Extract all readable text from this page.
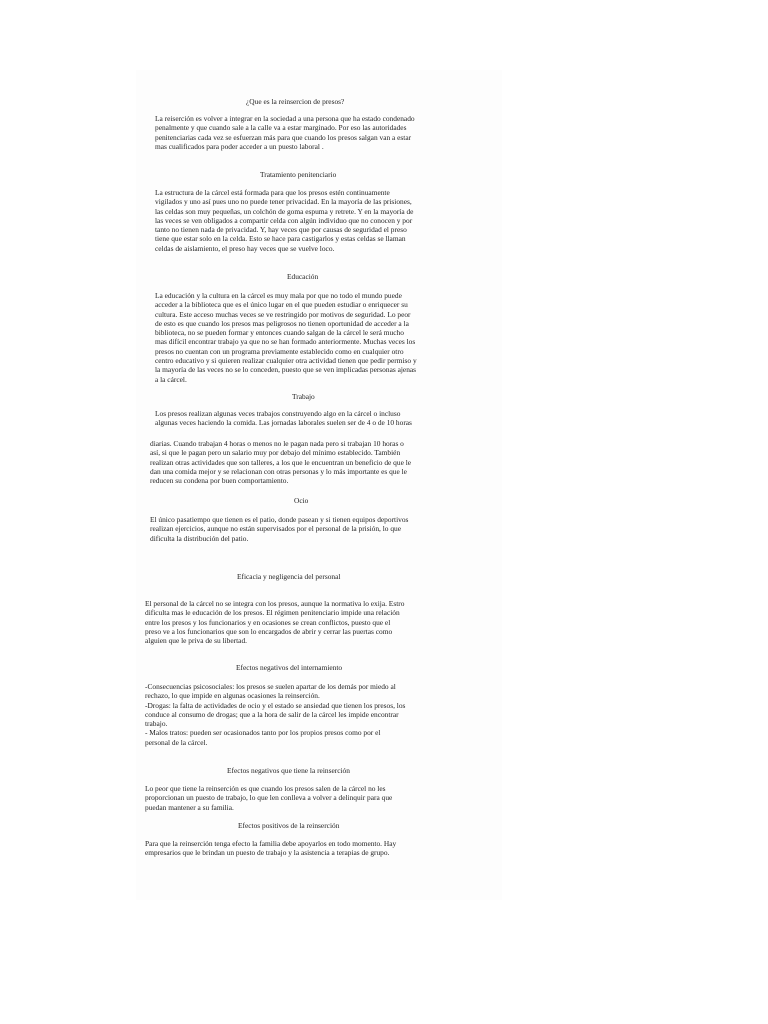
¿Que es la reinsercion de presos?

La reiserción es volver a integrar en la sociedad a una persona que ha estado condenado
penalmente y que cuando sale a la calle va a estar marginado. Por eso las autoridades
penitenciarias cada vez se esfuerzan más para que cuando los presos salgan van a estar
mas cualificados para poder acceder a un puesto laboral .

Tratamiento penitenciario

La estructura de la cárcel está formada para que los presos estén continuamente
vigilados y uno así pues uno no puede tener privacidad. En la mayoría de las prisiones,
las celdas son muy pequeñas, un colchón de goma espuma y retrete. Y en la mayoría de
las veces se ven obligados a compartir celda con algún individuo que no conocen y por
tanto no tienen nada de privacidad. Y, hay veces que por causas de seguridad el preso
tiene que estar solo en la celda. Esto se hace para castigarlos y estas celdas se llaman
celdas de aislamiento, el preso hay veces que se vuelve loco.

Educación

La educación y la cultura en la cárcel es muy mala por que no todo el mundo puede
acceder a la biblioteca que es el único lugar en el que pueden estudiar o enriquecer su
cultura. Este acceso muchas veces se ve restringido por motivos de seguridad. Lo peor
de esto es que cuando los presos mas peligrosos no tienen oportunidad de acceder a la
biblioteca, no se pueden formar y entonces cuando salgan de la cárcel le será mucho
mas difícil encontrar trabajo ya que no se han formado anteriormente. Muchas veces los
presos no cuentan con un programa previamente establecido como en cualquier otro
centro educativo y si quieren realizar cualquier otra actividad tienen que pedir permiso y
la mayoría de las veces no se lo conceden, puesto que se ven implicadas personas ajenas
a la cárcel.

Trabajo

Los presos realizan algunas veces trabajos construyendo algo en la cárcel o incluso
algunas veces haciendo la comida. Las jornadas laborales suelen ser de 4 o de 10 horas

diarias. Cuando trabajan 4 horas o menos no le pagan nada pero si trabajan 10 horas o
así, si que le pagan pero un salario muy por debajo del mínimo establecido. También
realizan otras actividades que son talleres, a los que le encuentran un beneficio de que le
dan una comida mejor y se relacionan con otras personas y lo más importante es que le
reducen su condena por buen comportamiento.

Ocio

El único pasatiempo que tienen es el patio, donde pasean y si tienen equipos deportivos
realizan ejercicios, aunque no están supervisados por el personal de la prisión, lo que
dificulta la distribución del patio.

Eficacia y negligencia del personal

El personal de la cárcel no se integra con los presos, aunque la normativa lo exija. Estro
dificulta mas le educación de los presos. El régimen penitenciario impide una relación
entre los presos y los funcionarios y en ocasiones se crean conflictos, puesto que el
preso ve a los funcionarios que son lo encargados de abrir y cerrar las puertas como
alguien que le priva de su libertad.

Efectos negativos del internamiento

-Consecuencias psicosociales: los presos se suelen apartar de los demás por miedo al
rechazo, lo que impide en algunas ocasiones la reinserción.
-Drogas: la falta de actividades de ocio y el estado se ansiedad que tienen los presos, los
conduce al consumo de drogas; que a la hora de salir de la cárcel les impide encontrar
trabajo.
- Malos tratos: pueden ser ocasionados tanto por los propios presos como por el
personal de la cárcel.

Efectos negativos que tiene la reinserción

Lo peor que tiene la reinserción es que cuando los presos salen de la cárcel no les
proporcionan un puesto de trabajo, lo que len conlleva a volver a delinquir para que
puedan mantener a su familia.

Efectos positivos de la reinserción

Para que la reinserción tenga efecto la familia debe apoyarlos en todo momento. Hay
empresarios que le brindan un puesto de trabajo y la asistencia a terapias de grupo.
